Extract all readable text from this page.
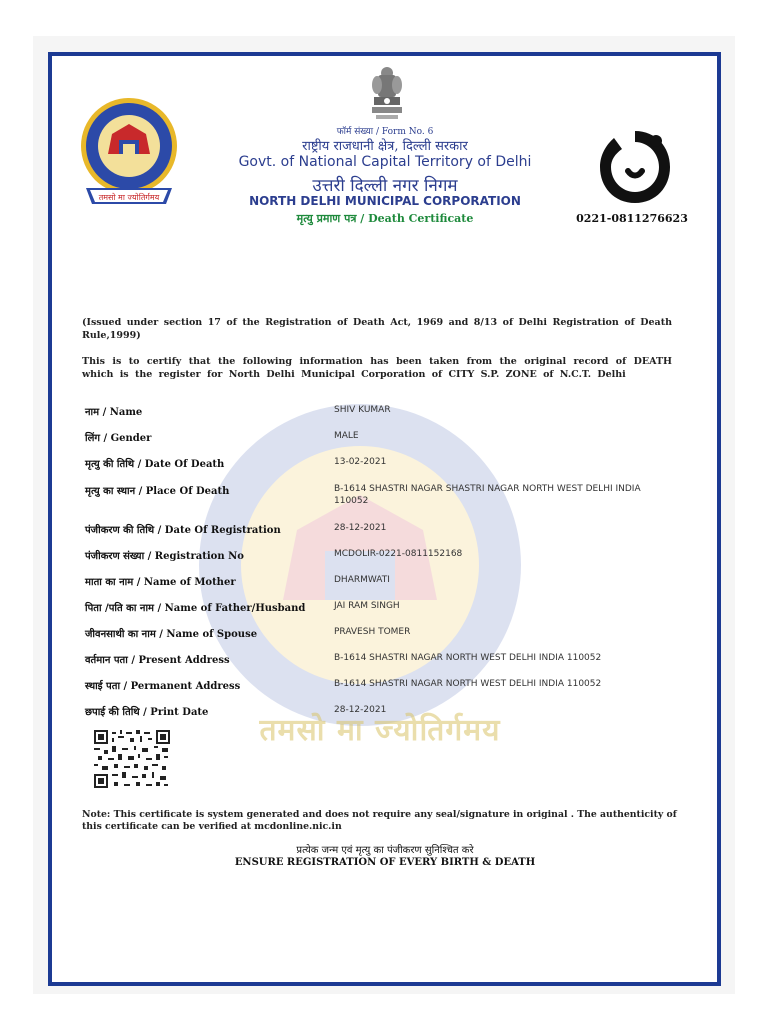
तमसो मा ज्योतिर्गमय
तमसो मा ज्योतिर्गमय
फॉर्म संख्या / Form No. 6
राष्ट्रीय राजधानी क्षेत्र, दिल्ली सरकार
Govt. of National Capital Territory of Delhi
उत्तरी दिल्ली नगर निगम
NORTH DELHI MUNICIPAL CORPORATION
मृत्यु प्रमाण पत्र / Death Certificate	0221-0811276623
(Issued under section 17 of the Registration of Death Act, 1969 and 8/13 of Delhi Registration of Death Rule,1999)
This is to certify that the following information has been taken from the original record of DEATH which is the register for North Delhi Municipal Corporation of CITY S.P. ZONE of N.C.T. Delhi
नाम / Name	SHIV KUMAR
लिंग / Gender	MALE
मृत्यु की तिथि / Date Of Death	13-02-2021
मृत्यु का स्थान / Place Of Death	B-1614 SHASTRI NAGAR SHASTRI NAGAR NORTH WEST DELHI INDIA 110052
पंजीकरण की तिथि / Date Of Registration	28-12-2021
पंजीकरण संख्या / Registration No	MCDOLIR-0221-0811152168
माता का नाम / Name of Mother	DHARMWATI
पिता /पति का नाम / Name of Father/Husband	JAI RAM SINGH
जीवनसाथी का नाम / Name of Spouse	PRAVESH TOMER
वर्तमान पता / Present Address	B-1614 SHASTRI NAGAR NORTH WEST DELHI INDIA 110052
स्थाई पता / Permanent Address	B-1614 SHASTRI NAGAR NORTH WEST DELHI INDIA 110052
छपाई की तिथि / Print Date	28-12-2021
Note: This certificate is system generated and does not require any seal/signature in original . The authenticity of this certificate can be verified at mcdonline.nic.in
प्रत्येक जन्म एवं मृत्यु का पंजीकरण सुनिश्चित करे
ENSURE REGISTRATION OF EVERY BIRTH & DEATH
